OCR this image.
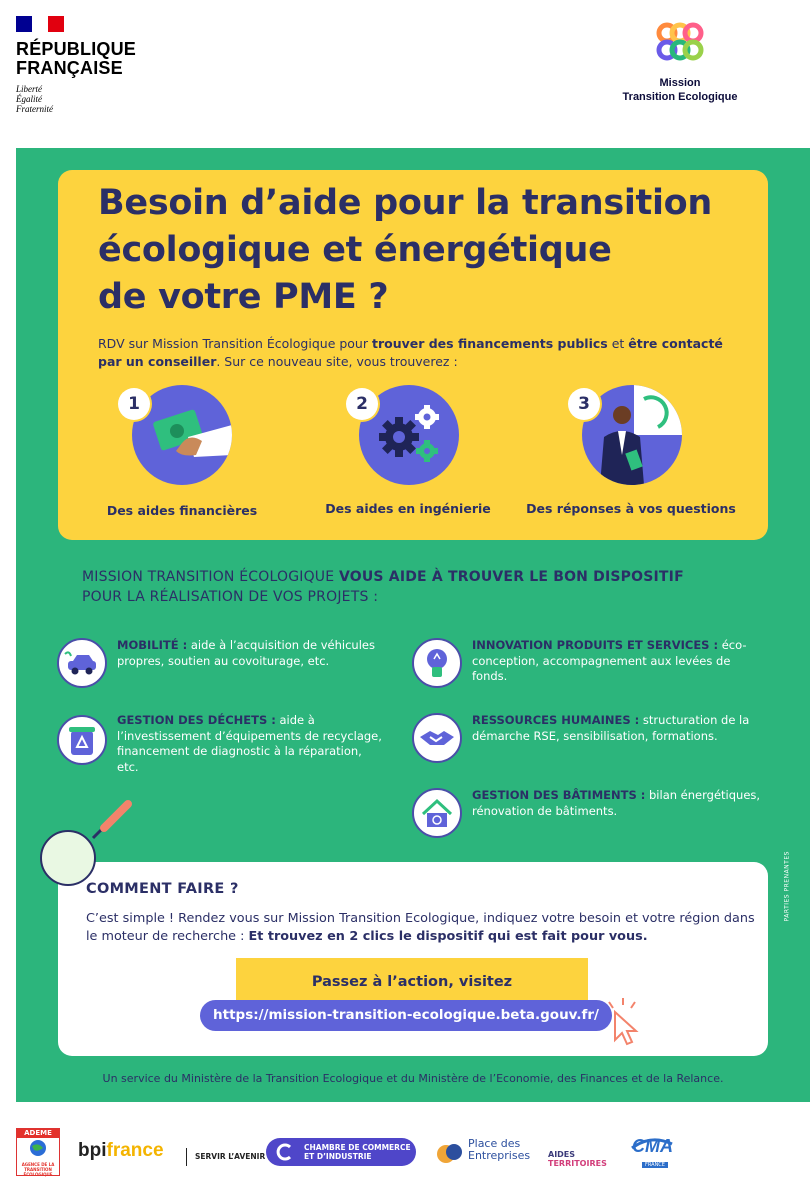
RÉPUBLIQUE
FRANÇAISE
Liberté
Égalité
Fraternité
Mission
Transition Ecologique
Besoin d’aide pour la transition
écologique et énergétique
de votre PME ?
RDV sur Mission Transition Écologique pour trouver des financements publics et être contacté par un conseiller. Sur ce nouveau site, vous trouverez :
1
Des aides financières
2
Des aides en ingénierie
3
Des réponses à vos questions
MISSION TRANSITION ÉCOLOGIQUE VOUS AIDE À TROUVER LE BON DISPOSITIF POUR LA RÉALISATION DE VOS PROJETS :
MOBILITÉ : aide à l’acquisition de véhicules propres, soutien au covoiturage, etc.
GESTION DES DÉCHETS : aide à l’investissement d’équipements de recyclage, financement de diagnostic à la réparation, etc.
INNOVATION PRODUITS ET SERVICES : éco-conception, accompagnement aux levées de fonds.
RESSOURCES HUMAINES : structuration de la démarche RSE, sensibilisation, formations.
GESTION DES BÂTIMENTS : bilan énergétiques, rénovation de bâtiments.
COMMENT FAIRE ?
C’est simple ! Rendez vous sur Mission Transition Ecologique, indiquez votre besoin et votre région dans le moteur de recherche : Et trouvez en 2 clics le dispositif qui est fait pour vous.
Passez à l’action, visitez
https://mission-transition-ecologique.beta.gouv.fr/
PARTIES PRENANTES
Un service du Ministère de la Transition Ecologique et du Ministère de l’Economie, des Finances et de la Relance.
ADEME
AGENCE DE LA TRANSITION ÉCOLOGIQUE
bpifrance	SERVIR L’AVENIR
CHAMBRE DE COMMERCE
ET D’INDUSTRIE
Place des
Entreprises AIDES
TERRITOIRES
CMA
FRANCE
